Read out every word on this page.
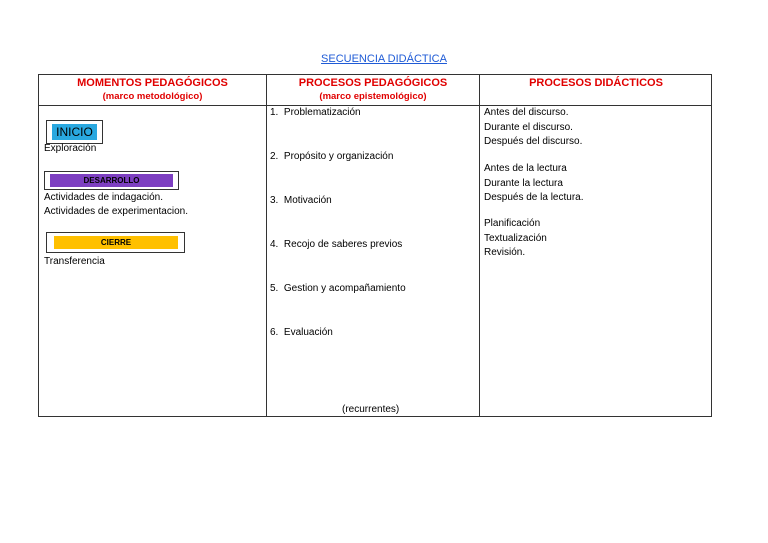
SECUENCIA DIDÁCTICA
MOMENTOS PEDAGÓGICOS
(marco metodológico)
PROCESOS PEDAGÓGICOS
(marco epistemológico)
PROCESOS DIDÁCTICOS
INICIO
Exploración
DESARROLLO
Actividades de indagación.
Actividades de experimentacion.
CIERRE
Transferencia
1. Problematización
2. Propósito y organización
3. Motivación
4. Recojo de saberes previos
5. Gestion y acompañamiento
6. Evaluación
(recurrentes)
Antes del discurso.
Durante el discurso.
Después del discurso.
Antes de la lectura
Durante la lectura
Después de la lectura.
Planificación
Textualización
Revisión.
